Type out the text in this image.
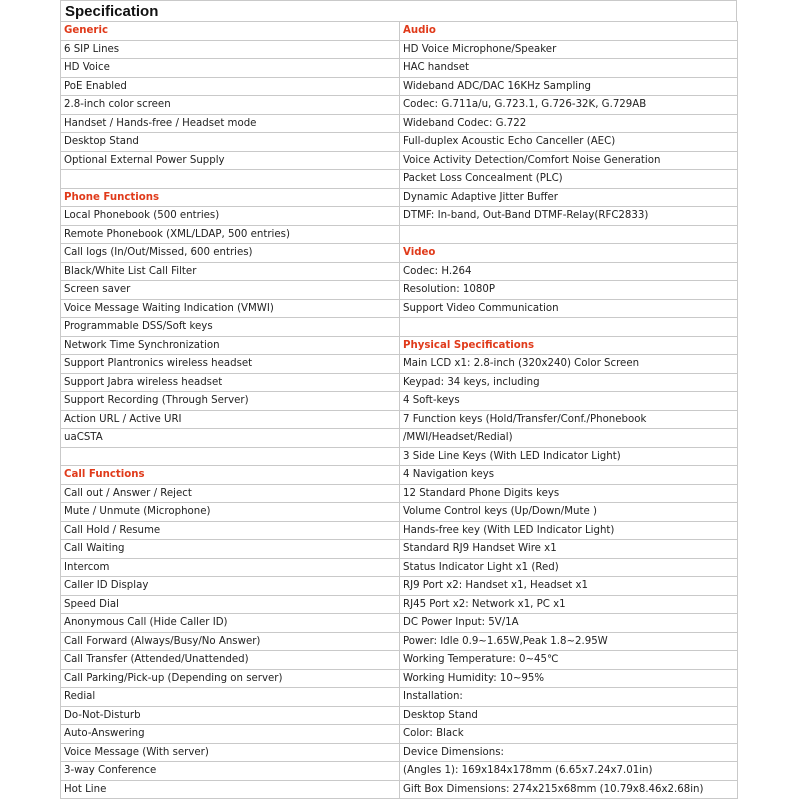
Specification
Generic	Audio
6 SIP Lines	HD Voice Microphone/Speaker
HD Voice	HAC handset
PoE Enabled	Wideband ADC/DAC 16KHz Sampling
2.8-inch color screen	Codec: G.711a/u, G.723.1, G.726-32K, G.729AB
Handset / Hands-free / Headset mode	Wideband Codec: G.722
Desktop Stand	Full-duplex Acoustic Echo Canceller (AEC)
Optional External Power Supply	Voice Activity Detection/Comfort Noise Generation
	Packet Loss Concealment (PLC)
Phone Functions	Dynamic Adaptive Jitter Buffer
Local Phonebook (500 entries)	DTMF: In-band, Out-Band DTMF-Relay(RFC2833)
Remote Phonebook (XML/LDAP, 500 entries)	
Call logs (In/Out/Missed, 600 entries)	Video
Black/White List Call Filter	Codec: H.264
Screen saver	Resolution: 1080P
Voice Message Waiting Indication (VMWI)	Support Video Communication
Programmable DSS/Soft keys	
Network Time Synchronization	Physical Specifications
Support Plantronics wireless headset	Main LCD x1: 2.8-inch (320x240) Color Screen
Support Jabra wireless headset	Keypad: 34 keys, including
Support Recording (Through Server)	4 Soft-keys
Action URL / Active URI	7 Function keys (Hold/Transfer/Conf./Phonebook
uaCSTA	/MWI/Headset/Redial)
	3 Side Line Keys (With LED Indicator Light)
Call Functions	4 Navigation keys
Call out / Answer / Reject	12 Standard Phone Digits keys
Mute / Unmute (Microphone)	Volume Control keys (Up/Down/Mute )
Call Hold / Resume	Hands-free key (With LED Indicator Light)
Call Waiting	Standard RJ9 Handset Wire x1
Intercom	Status Indicator Light x1 (Red)
Caller ID Display	RJ9 Port x2: Handset x1, Headset x1
Speed Dial	RJ45 Port x2: Network x1, PC x1
Anonymous Call (Hide Caller ID)	DC Power Input: 5V/1A
Call Forward (Always/Busy/No Answer)	Power: Idle 0.9~1.65W,Peak 1.8~2.95W
Call Transfer (Attended/Unattended)	Working Temperature: 0~45℃
Call Parking/Pick-up (Depending on server)	Working Humidity: 10~95%
Redial	Installation:
Do-Not-Disturb	Desktop Stand
Auto-Answering	Color: Black
Voice Message (With server)	Device Dimensions:
3-way Conference	(Angles 1): 169x184x178mm (6.65x7.24x7.01in)
Hot Line	Gift Box Dimensions: 274x215x68mm (10.79x8.46x2.68in)
